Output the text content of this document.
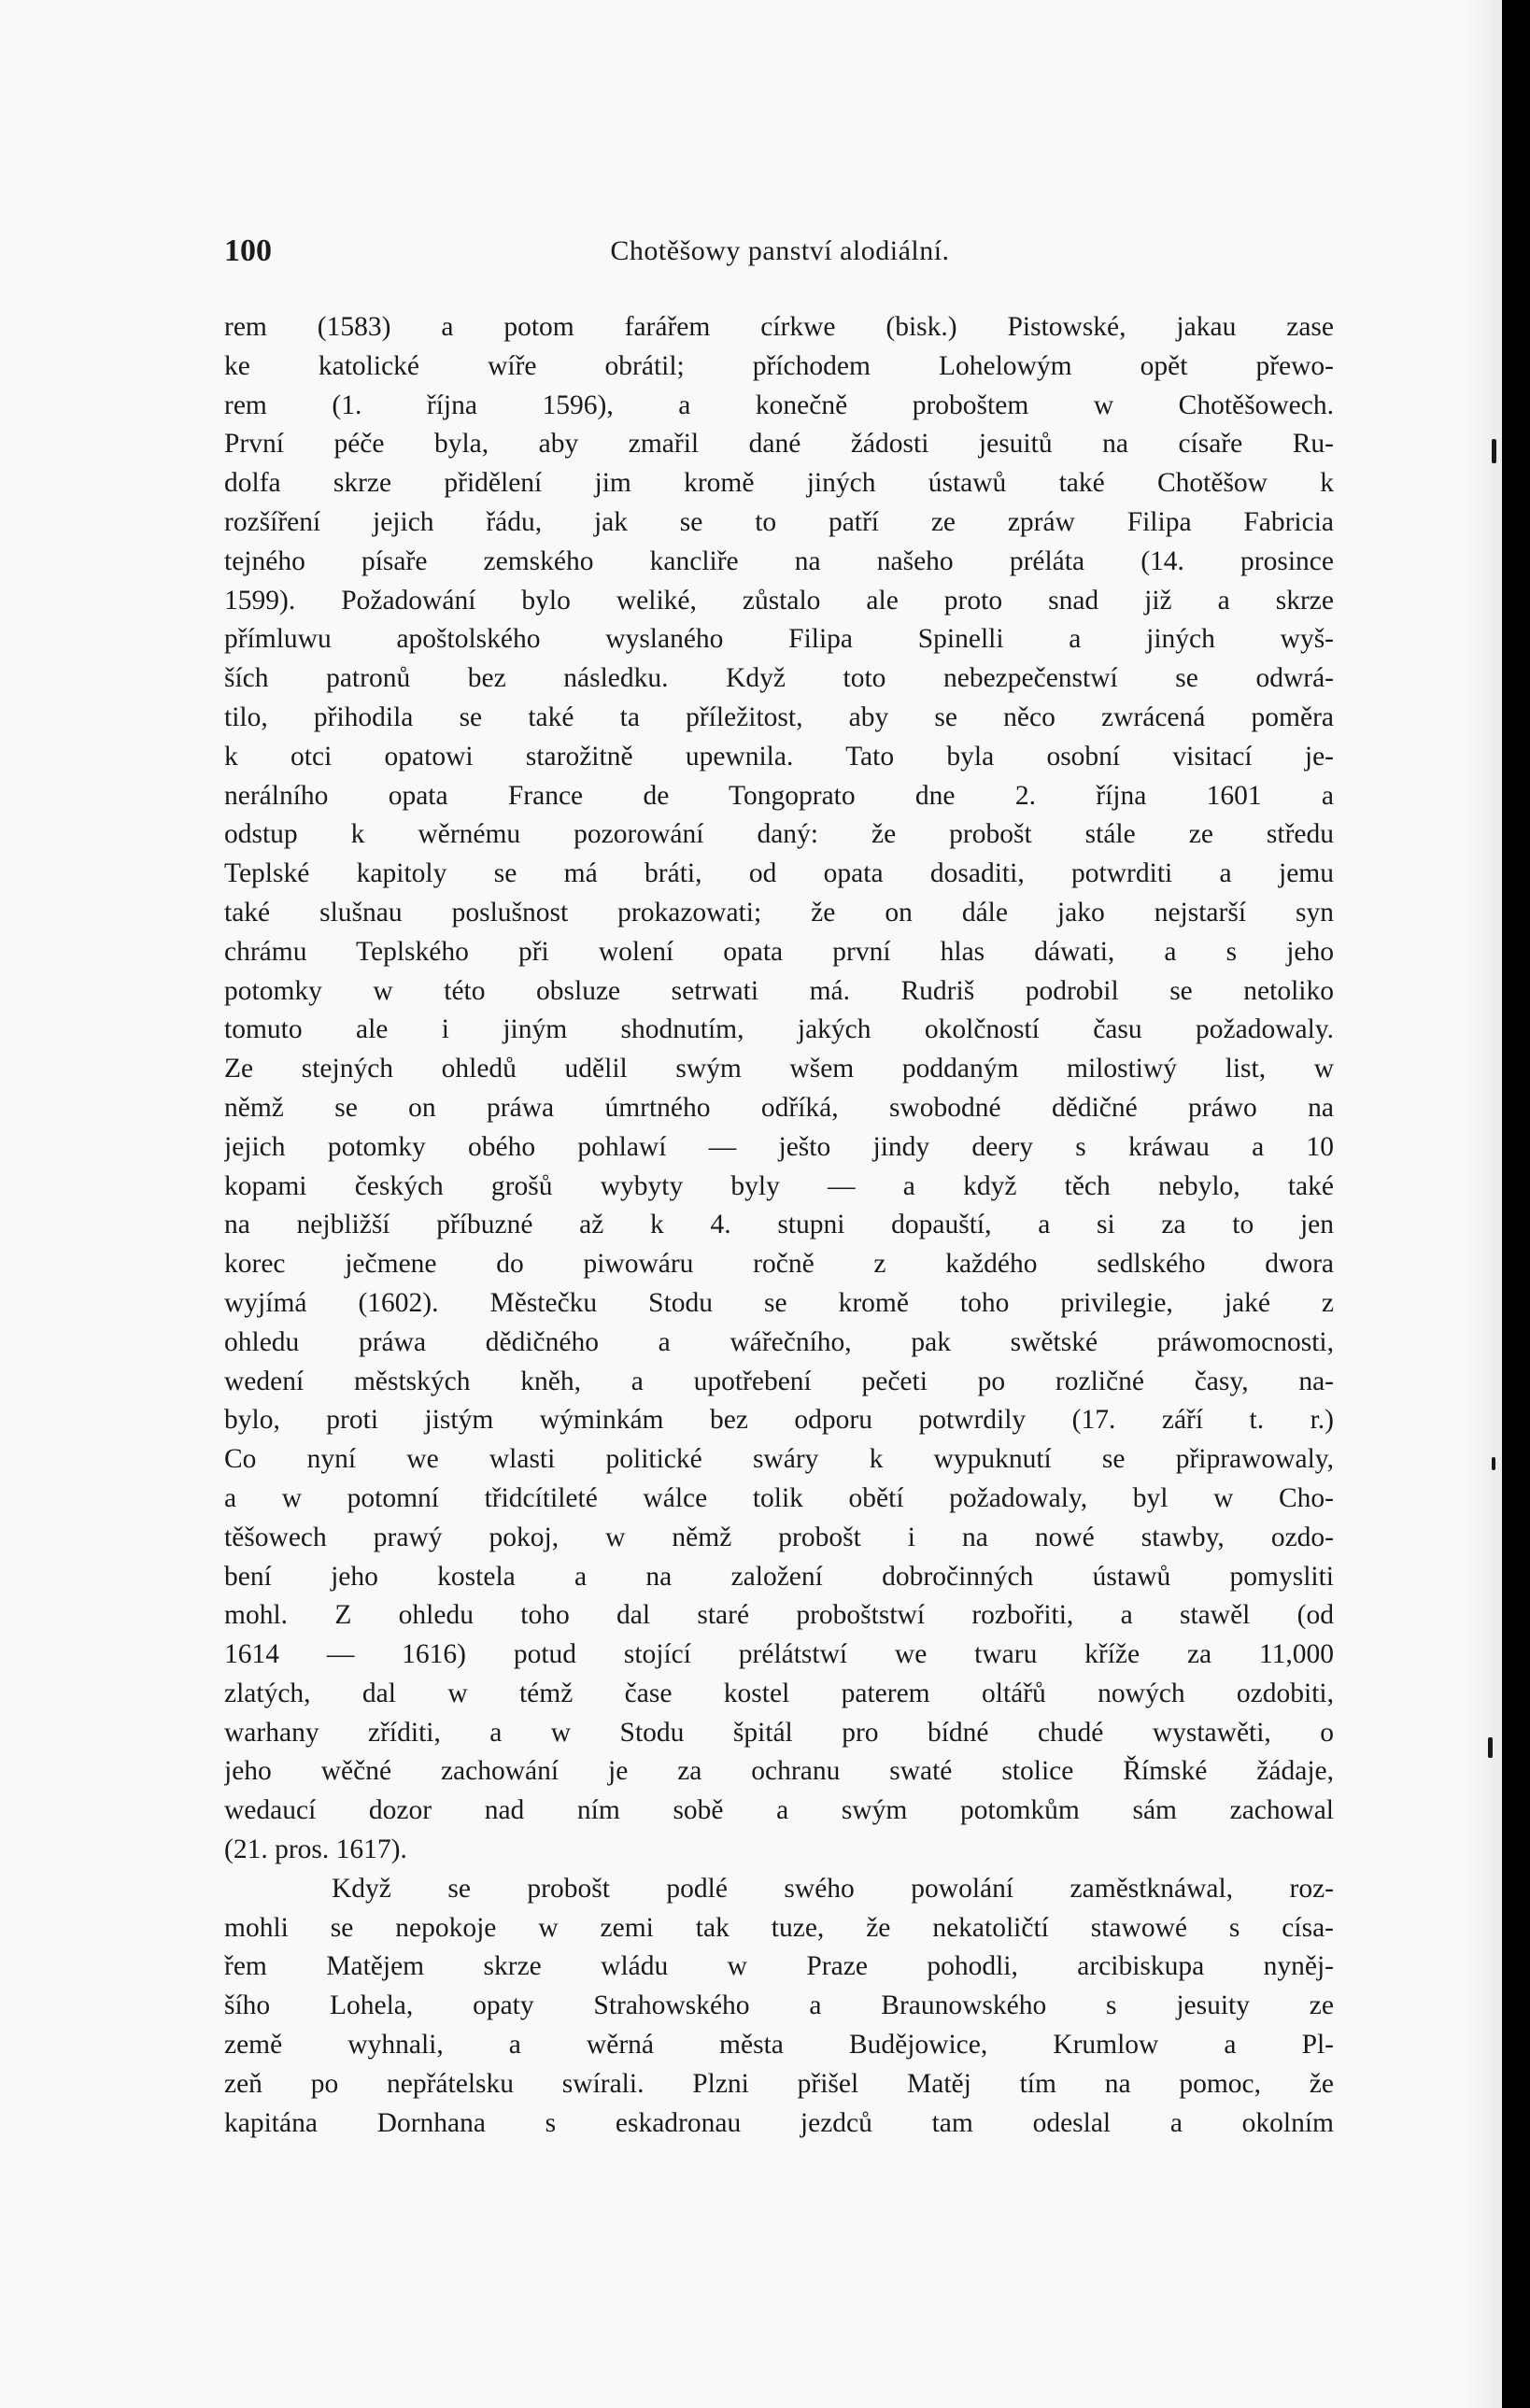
100	Chotěšowy panství alodiální.
rem (1583) a potom farářem církwe (bisk.) Pistowské, jakau zase
ke katolické wíře obrátil; příchodem Lohelowým opět přewo-
rem (1. října 1596), a konečně proboštem w Chotěšowech.
První péče byla, aby zmařil dané žádosti jesuitů na císaře Ru-
dolfa skrze přidělení jim kromě jiných ústawů také Chotěšow k
rozšíření jejich řádu, jak se to patří ze zpráw Filipa Fabricia
tejného písaře zemského kancliře na našeho préláta (14. prosince
1599). Požadowání bylo weliké, zůstalo ale proto snad již a skrze
přímluwu apoštolského wyslaného Filipa Spinelli a jiných wyš-
ších patronů bez následku. Když toto nebezpečenstwí se odwrá-
tilo, přihodila se také ta příležitost, aby se něco zwrácená poměra
k otci opatowi starožitně upewnila. Tato byla osobní visitací je-
nerálního opata France de Tongoprato dne 2. října 1601 a
odstup k wěrnému pozorowání daný: že probošt stále ze středu
Teplské kapitoly se má bráti, od opata dosaditi, potwrditi a jemu
také slušnau poslušnost prokazowati; že on dále jako nejstarší syn
chrámu Teplského při wolení opata první hlas dáwati, a s jeho
potomky w této obsluze setrwati má. Rudriš podrobil se netoliko
tomuto ale i jiným shodnutím, jakých okolčností času požadowaly.
Ze stejných ohledů udělil swým wšem poddaným milostiwý list, w
němž se on práwa úmrtného odříká, swobodné dědičné práwo na
jejich potomky obého pohlawí — ješto jindy deery s kráwau a 10
kopami českých grošů wybyty byly — a když těch nebylo, také
na nejbližší příbuzné až k 4. stupni dopauští, a si za to jen
korec ječmene do piwowáru ročně z každého sedlského dwora
wyjímá (1602). Městečku Stodu se kromě toho privilegie, jaké z
ohledu práwa dědičného a wářečního, pak swětské práwomocnosti,
wedení městských kněh, a upotřebení pečeti po rozličné časy, na-
bylo, proti jistým wýminkám bez odporu potwrdily (17. září t. r.)
Co nyní we wlasti politické swáry k wypuknutí se připrawowaly,
a w potomní třidcítileté wálce tolik obětí požadowaly, byl w Cho-
těšowech prawý pokoj, w němž probošt i na nowé stawby, ozdo-
bení jeho kostela a na založení dobročinných ústawů pomysliti
mohl. Z ohledu toho dal staré proboštstwí rozbořiti, a stawěl (od
1614 — 1616) potud stojící prélátstwí we twaru kříže za 11,000
zlatých, dal w témž čase kostel paterem oltářů nowých ozdobiti,
warhany zříditi, a w Stodu špitál pro bídné chudé wystawěti, o
jeho wěčné zachowání je za ochranu swaté stolice Římské žádaje,
wedaucí dozor nad ním sobě a swým potomkům sám zachowal
(21. pros. 1617).
Když se probošt podlé swého powolání zaměstknáwal, roz-
mohli se nepokoje w zemi tak tuze, že nekatoličtí stawowé s císa-
řem Matějem skrze wládu w Praze pohodli, arcibiskupa nyněj-
šího Lohela, opaty Strahowského a Braunowského s jesuity ze
země wyhnali, a wěrná města Budějowice, Krumlow a Pl-
zeň po nepřátelsku swírali. Plzni přišel Matěj tím na pomoc, že
kapitána Dornhana s eskadronau jezdců tam odeslal a okolním
